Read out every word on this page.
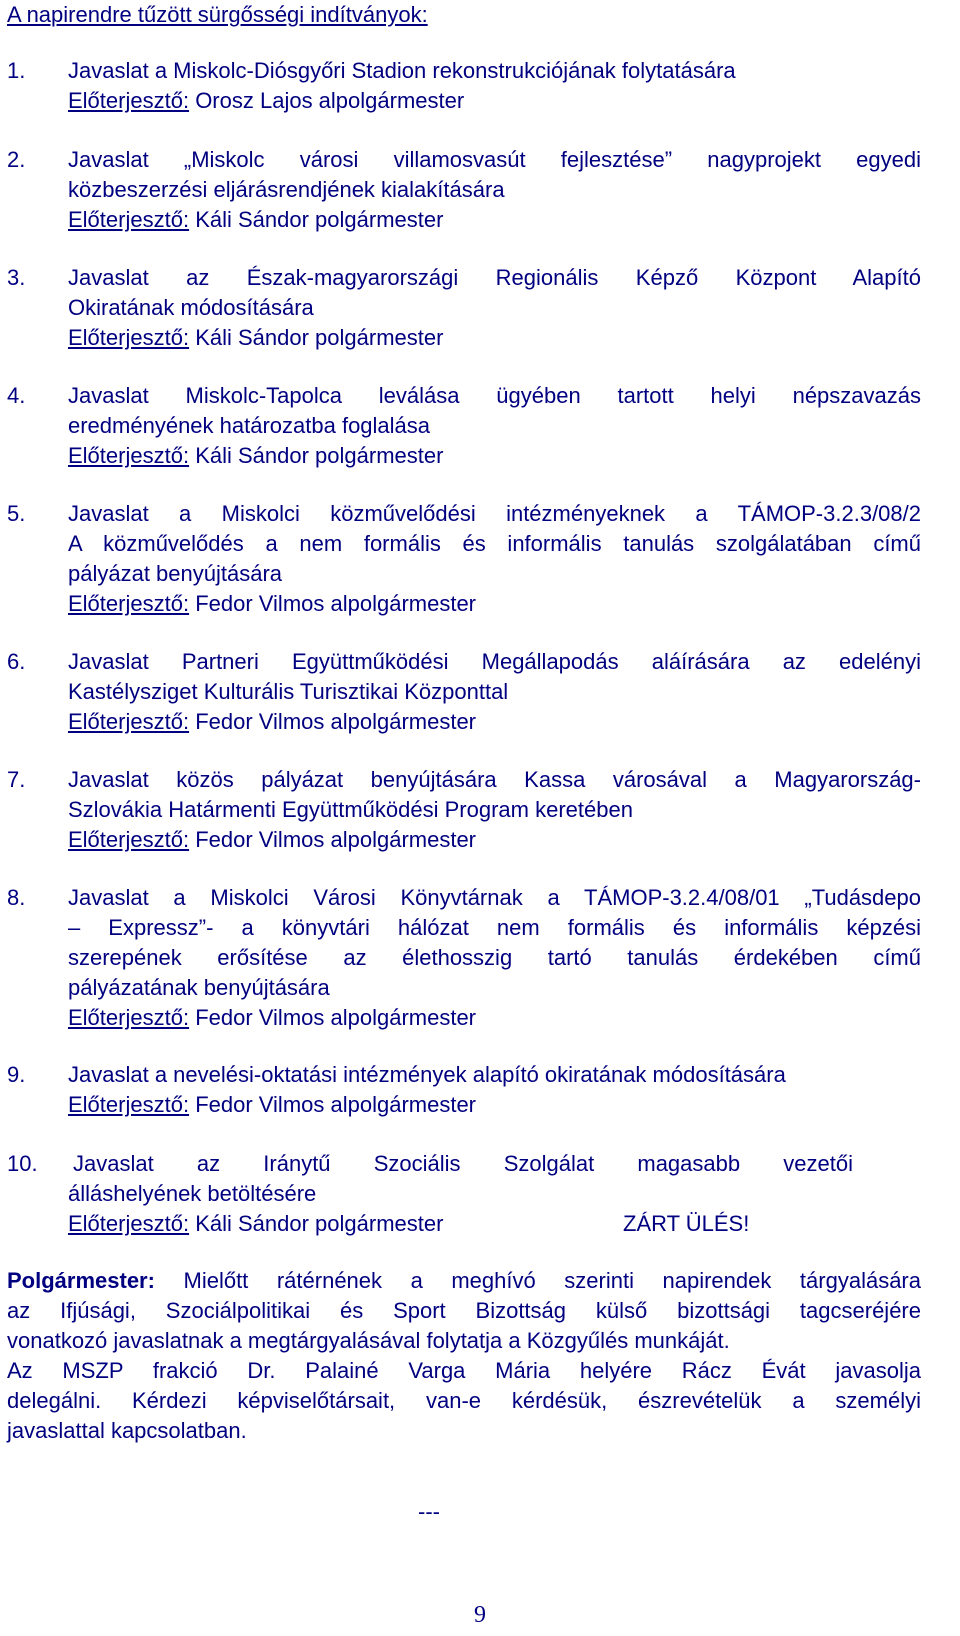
A napirendre tűzött sürgősségi indítványok:
1. Javaslat a Miskolc-Diósgyőri Stadion rekonstrukciójának folytatására
Előterjesztő: Orosz Lajos alpolgármester
2. Javaslat „Miskolc városi villamosvasút fejlesztése” nagyprojekt egyedi
közbeszerzési eljárásrendjének kialakítására
Előterjesztő: Káli Sándor polgármester
3. Javaslat az Észak-magyarországi Regionális Képző Központ Alapító
Okiratának módosítására
Előterjesztő: Káli Sándor polgármester
4. Javaslat Miskolc-Tapolca leválása ügyében tartott helyi népszavazás
eredményének határozatba foglalása
Előterjesztő: Káli Sándor polgármester
5. Javaslat a Miskolci közművelődési intézményeknek a TÁMOP-3.2.3/08/2
A közművelődés a nem formális és informális tanulás szolgálatában című
pályázat benyújtására
Előterjesztő: Fedor Vilmos alpolgármester
6. Javaslat Partneri Együttműködési Megállapodás aláírására az edelényi
Kastélysziget Kulturális Turisztikai Központtal
Előterjesztő: Fedor Vilmos alpolgármester
7. Javaslat közös pályázat benyújtására Kassa városával a Magyarország-
Szlovákia Határmenti Együttműködési Program keretében
Előterjesztő: Fedor Vilmos alpolgármester
8. Javaslat a Miskolci Városi Könyvtárnak a TÁMOP-3.2.4/08/01 „Tudásdepo
– Expressz”- a könyvtári hálózat nem formális és informális képzési
szerepének erősítése az élethosszig tartó tanulás érdekében című
pályázatának benyújtására
Előterjesztő: Fedor Vilmos alpolgármester
9. Javaslat a nevelési-oktatási intézmények alapító okiratának módosítására
Előterjesztő: Fedor Vilmos alpolgármester
10. Javaslat az Iránytű Szociális Szolgálat magasabb vezetői
álláshelyének betöltésére
Előterjesztő: Káli Sándor polgármester	ZÁRT ÜLÉS!
Polgármester: Mielőtt rátérnének a meghívó szerinti napirendek tárgyalására
az Ifjúsági, Szociálpolitikai és Sport Bizottság külső bizottsági tagcseréjére
vonatkozó javaslatnak a megtárgyalásával folytatja a Közgyűlés munkáját.
Az MSZP frakció Dr. Palainé Varga Mária helyére Rácz Évát javasolja
delegálni. Kérdezi képviselőtársait, van-e kérdésük, észrevételük a személyi
javaslattal kapcsolatban.
---
9
